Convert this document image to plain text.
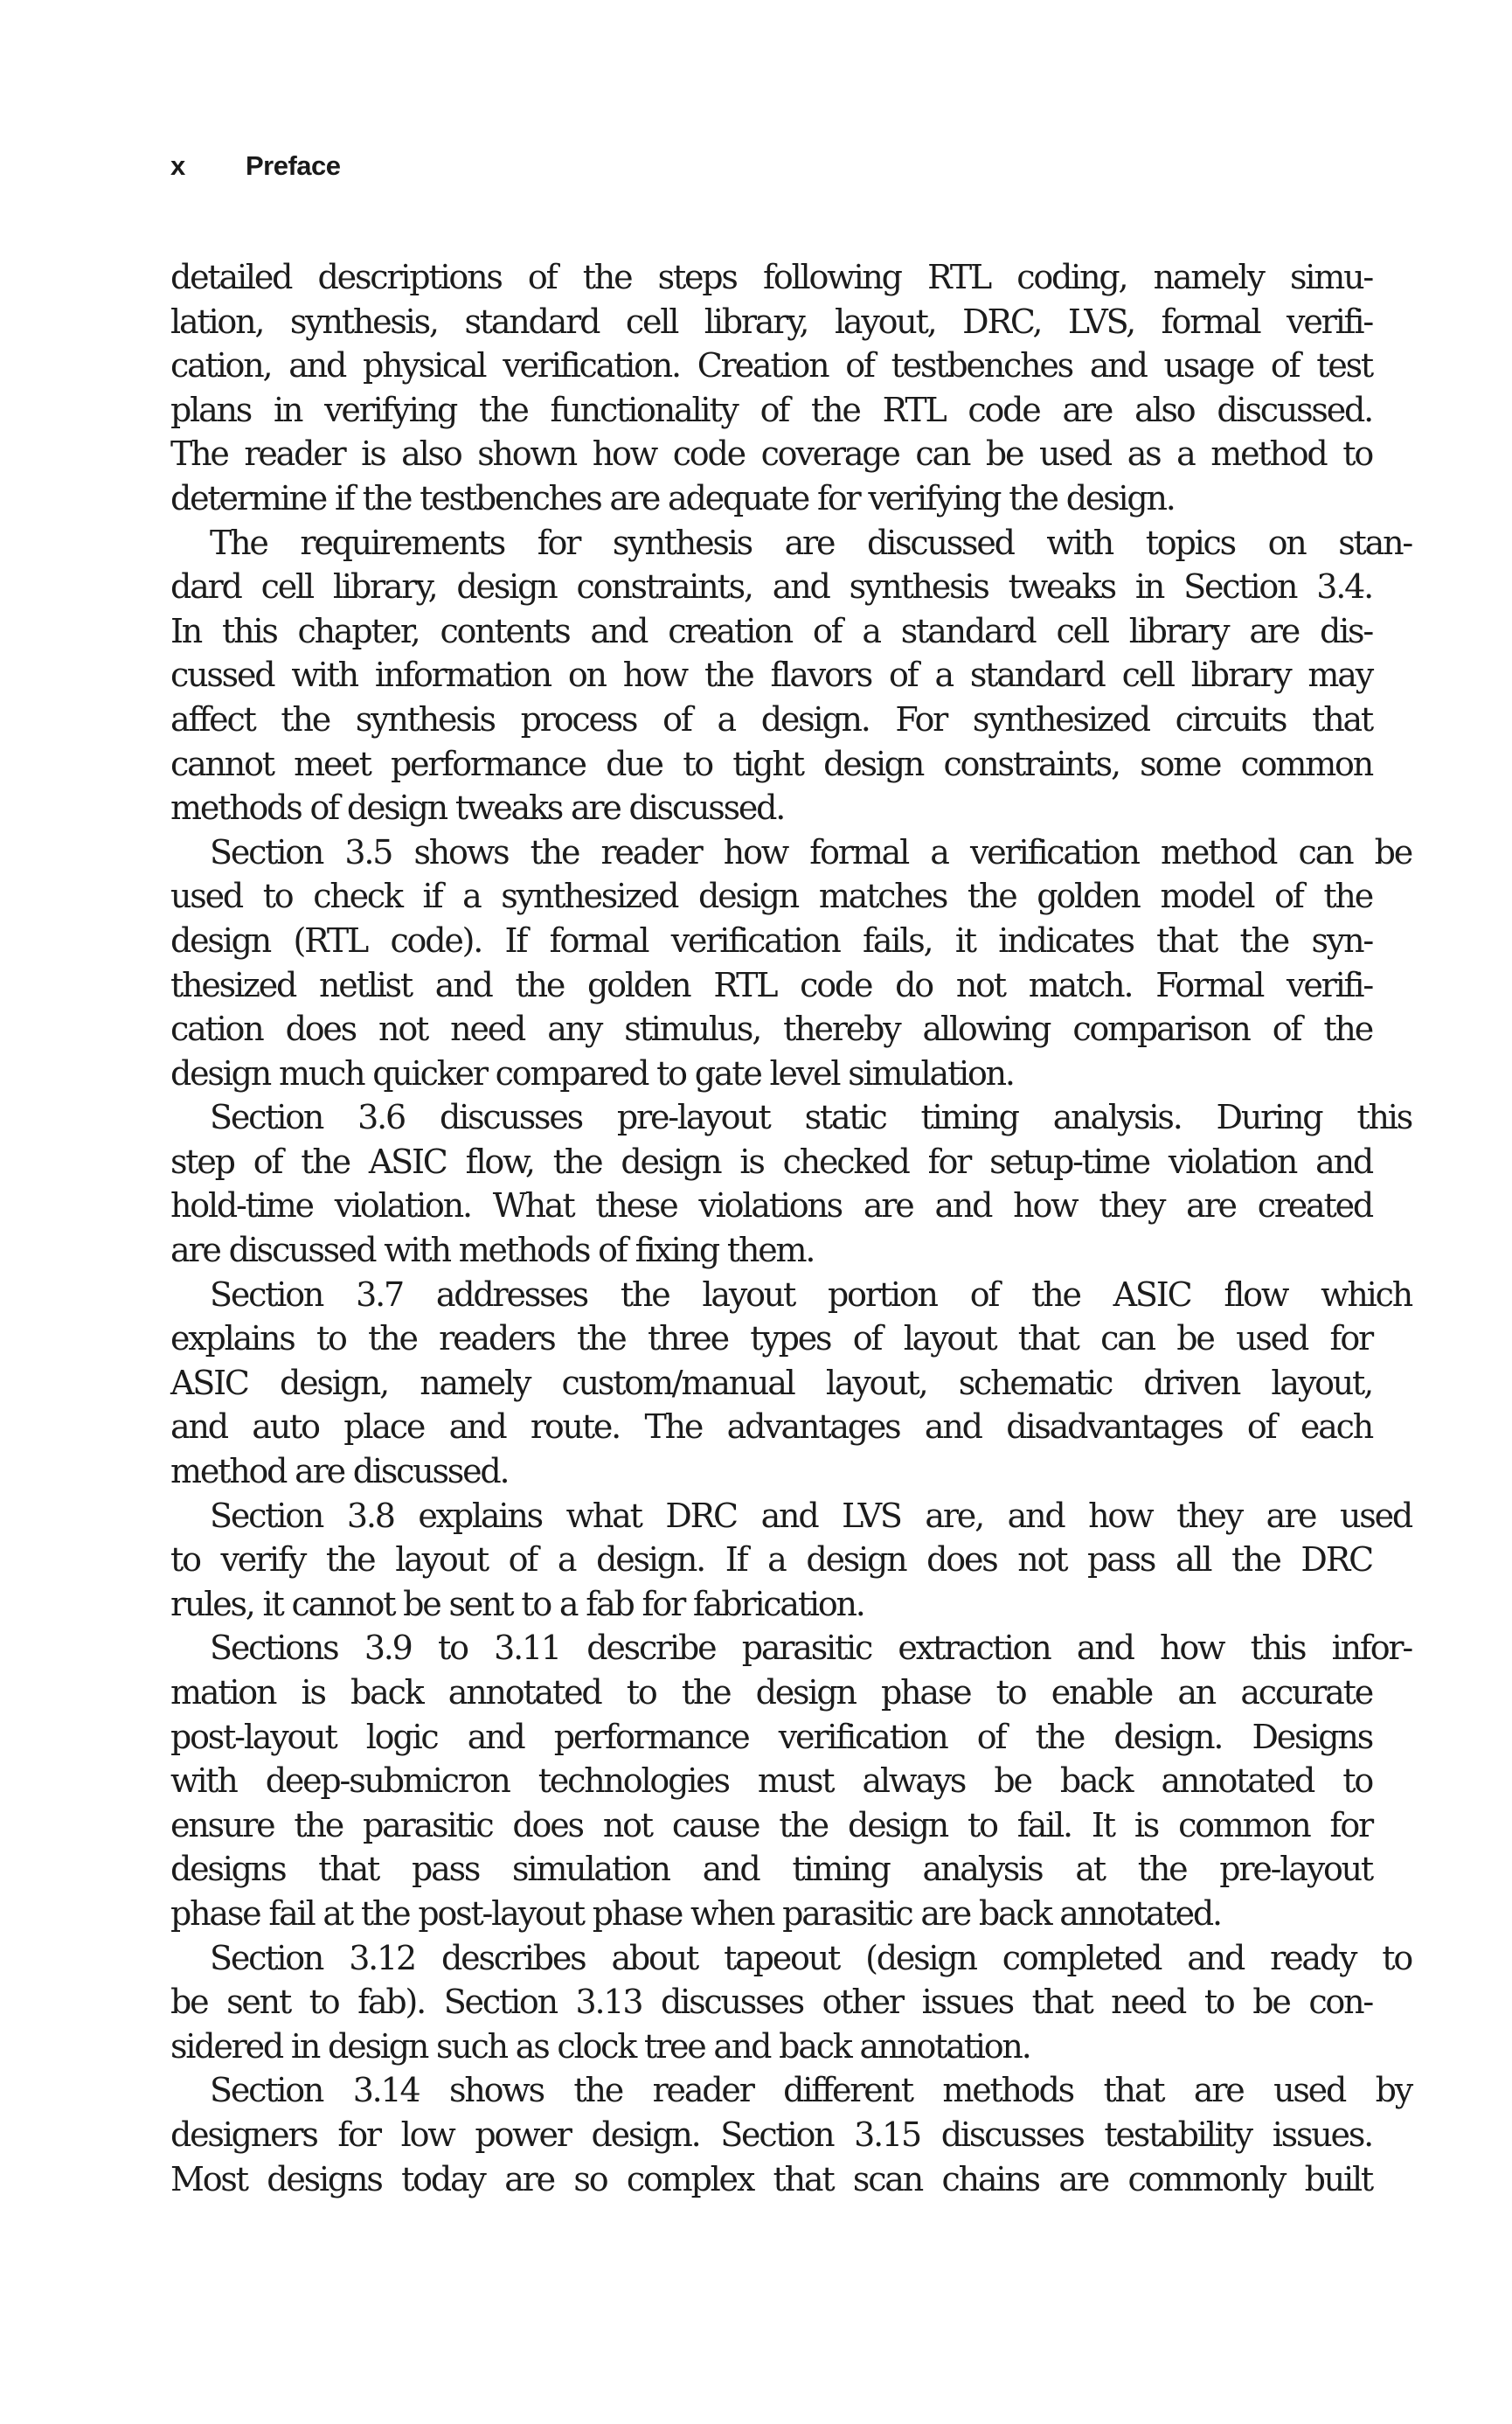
x Preface
detailed descriptions of the steps following RTL coding, namely simu-
lation, synthesis, standard cell library, layout, DRC, LVS, formal verifi-
cation, and physical verification. Creation of testbenches and usage of test
plans in verifying the functionality of the RTL code are also discussed.
The reader is also shown how code coverage can be used as a method to
determine if the testbenches are adequate for verifying the design.
The requirements for synthesis are discussed with topics on stan-
dard cell library, design constraints, and synthesis tweaks in Section 3.4.
In this chapter, contents and creation of a standard cell library are dis-
cussed with information on how the flavors of a standard cell library may
affect the synthesis process of a design. For synthesized circuits that
cannot meet performance due to tight design constraints, some common
methods of design tweaks are discussed.
Section 3.5 shows the reader how formal a verification method can be
used to check if a synthesized design matches the golden model of the
design (RTL code). If formal verification fails, it indicates that the syn-
thesized netlist and the golden RTL code do not match. Formal verifi-
cation does not need any stimulus, thereby allowing comparison of the
design much quicker compared to gate level simulation.
Section 3.6 discusses pre-layout static timing analysis. During this
step of the ASIC flow, the design is checked for setup-time violation and
hold-time violation. What these violations are and how they are created
are discussed with methods of fixing them.
Section 3.7 addresses the layout portion of the ASIC flow which
explains to the readers the three types of layout that can be used for
ASIC design, namely custom/manual layout, schematic driven layout,
and auto place and route. The advantages and disadvantages of each
method are discussed.
Section 3.8 explains what DRC and LVS are, and how they are used
to verify the layout of a design. If a design does not pass all the DRC
rules, it cannot be sent to a fab for fabrication.
Sections 3.9 to 3.11 describe parasitic extraction and how this infor-
mation is back annotated to the design phase to enable an accurate
post-layout logic and performance verification of the design. Designs
with deep-submicron technologies must always be back annotated to
ensure the parasitic does not cause the design to fail. It is common for
designs that pass simulation and timing analysis at the pre-layout
phase fail at the post-layout phase when parasitic are back annotated.
Section 3.12 describes about tapeout (design completed and ready to
be sent to fab). Section 3.13 discusses other issues that need to be con-
sidered in design such as clock tree and back annotation.
Section 3.14 shows the reader different methods that are used by
designers for low power design. Section 3.15 discusses testability issues.
Most designs today are so complex that scan chains are commonly built
